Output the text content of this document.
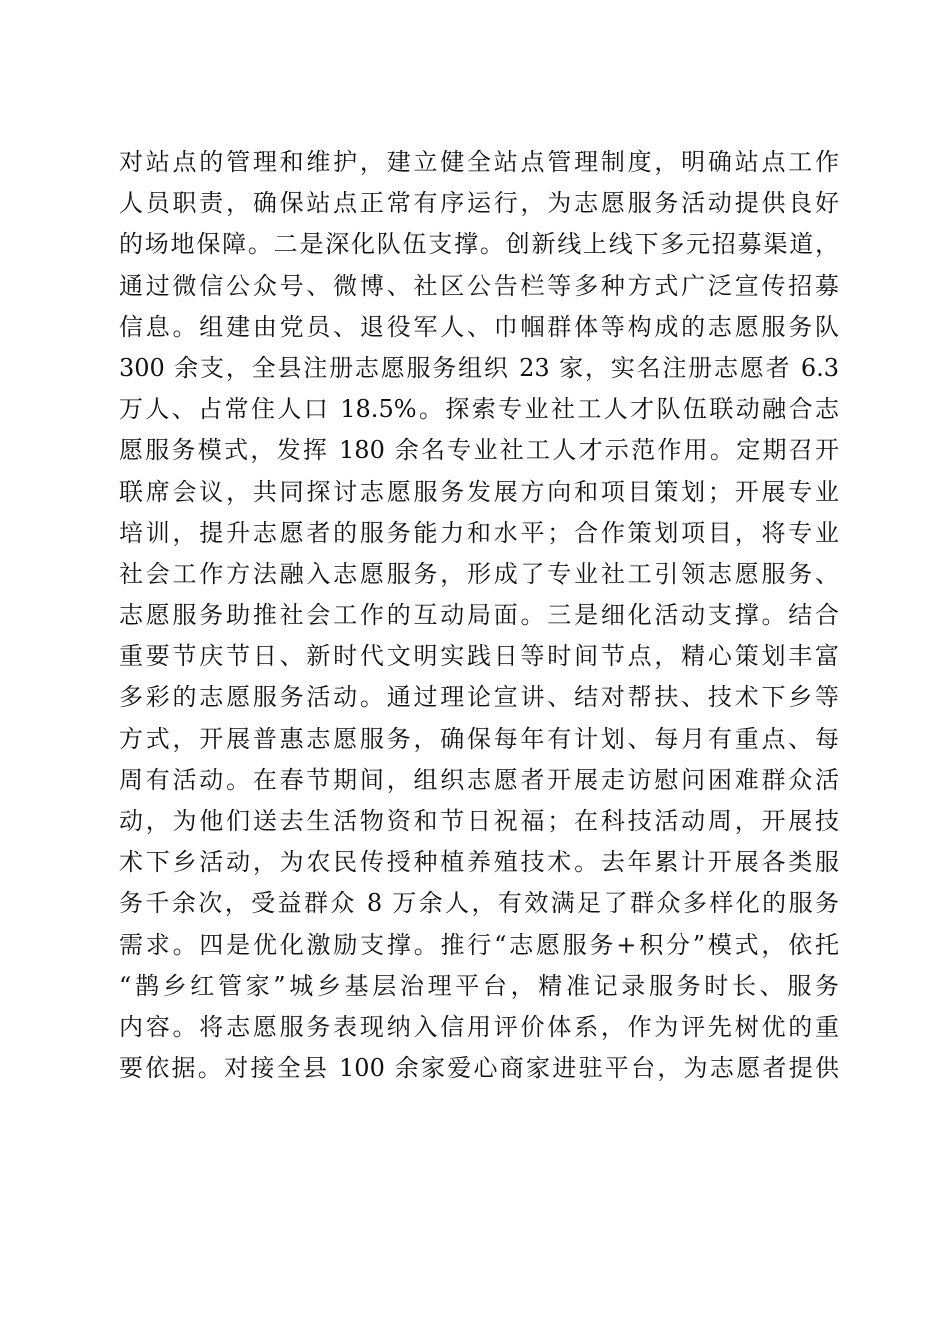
对站点的管理和维护，建立健全站点管理制度，明确站点工作
人员职责，确保站点正常有序运行，为志愿服务活动提供良好
的场地保障。二是深化队伍支撑。创新线上线下多元招募渠道，
通过微信公众号、微博、社区公告栏等多种方式广泛宣传招募
信息。组建由党员、退役军人、巾帼群体等构成的志愿服务队
300 余支，全县注册志愿服务组织 23 家，实名注册志愿者 6.3
万人、占常住人口 18.5%。探索专业社工人才队伍联动融合志
愿服务模式，发挥 180 余名专业社工人才示范作用。定期召开
联席会议，共同探讨志愿服务发展方向和项目策划；开展专业
培训，提升志愿者的服务能力和水平；合作策划项目，将专业
社会工作方法融入志愿服务，形成了专业社工引领志愿服务、
志愿服务助推社会工作的互动局面。三是细化活动支撑。结合
重要节庆节日、新时代文明实践日等时间节点，精心策划丰富
多彩的志愿服务活动。通过理论宣讲、结对帮扶、技术下乡等
方式，开展普惠志愿服务，确保每年有计划、每月有重点、每
周有活动。在春节期间，组织志愿者开展走访慰问困难群众活
动，为他们送去生活物资和节日祝福；在科技活动周，开展技
术下乡活动，为农民传授种植养殖技术。去年累计开展各类服
务千余次，受益群众 8 万余人，有效满足了群众多样化的服务
需求。四是优化激励支撑。推行“志愿服务+积分”模式，依托
“鹊乡红管家”城乡基层治理平台，精准记录服务时长、服务
内容。将志愿服务表现纳入信用评价体系，作为评先树优的重
要依据。对接全县 100 余家爱心商家进驻平台，为志愿者提供
